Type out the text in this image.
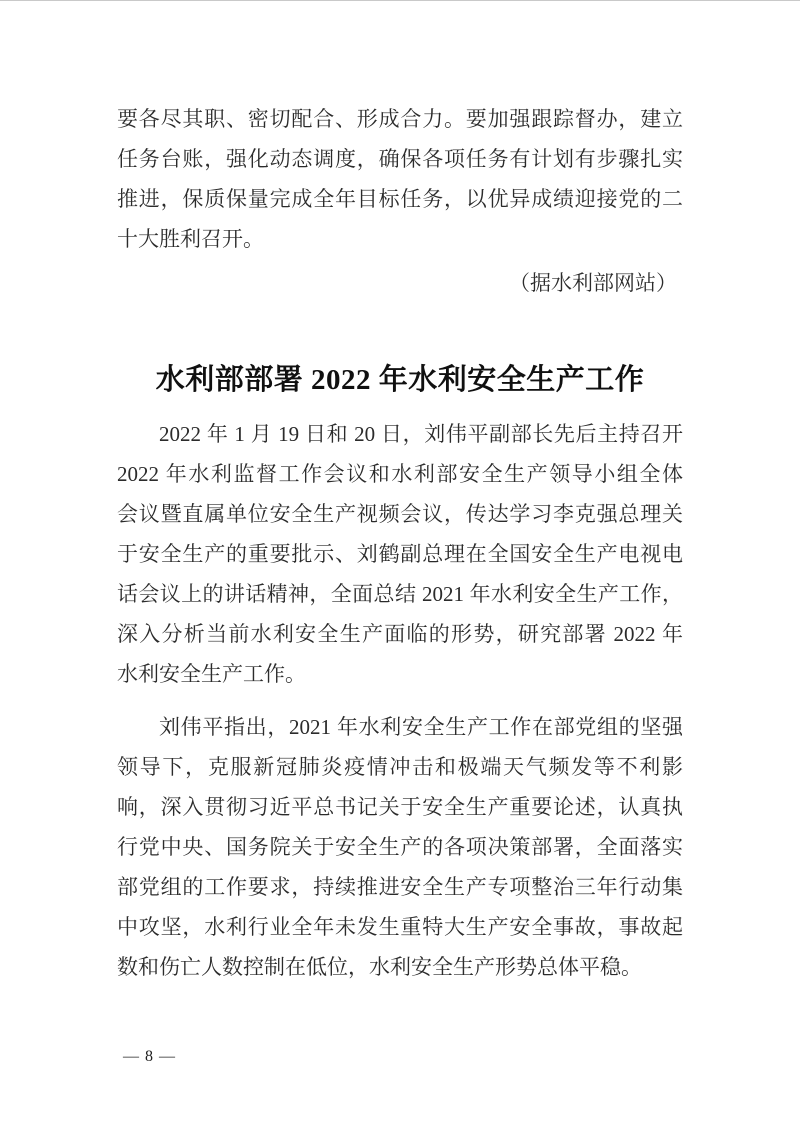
要各尽其职、密切配合、形成合力。要加强跟踪督办，建立
任务台账，强化动态调度，确保各项任务有计划有步骤扎实
推进，保质保量完成全年目标任务，以优异成绩迎接党的二
十大胜利召开。
（据水利部网站）
水利部部署 2022 年水利安全生产工作
2022 年 1 月 19 日和 20 日，刘伟平副部长先后主持召开
2022 年水利监督工作会议和水利部安全生产领导小组全体
会议暨直属单位安全生产视频会议，传达学习李克强总理关
于安全生产的重要批示、刘鹤副总理在全国安全生产电视电
话会议上的讲话精神，全面总结 2021 年水利安全生产工作，
深入分析当前水利安全生产面临的形势，研究部署 2022 年
水利安全生产工作。
刘伟平指出，2021 年水利安全生产工作在部党组的坚强
领导下，克服新冠肺炎疫情冲击和极端天气频发等不利影
响，深入贯彻习近平总书记关于安全生产重要论述，认真执
行党中央、国务院关于安全生产的各项决策部署，全面落实
部党组的工作要求，持续推进安全生产专项整治三年行动集
中攻坚，水利行业全年未发生重特大生产安全事故，事故起
数和伤亡人数控制在低位，水利安全生产形势总体平稳。
— 8 —
